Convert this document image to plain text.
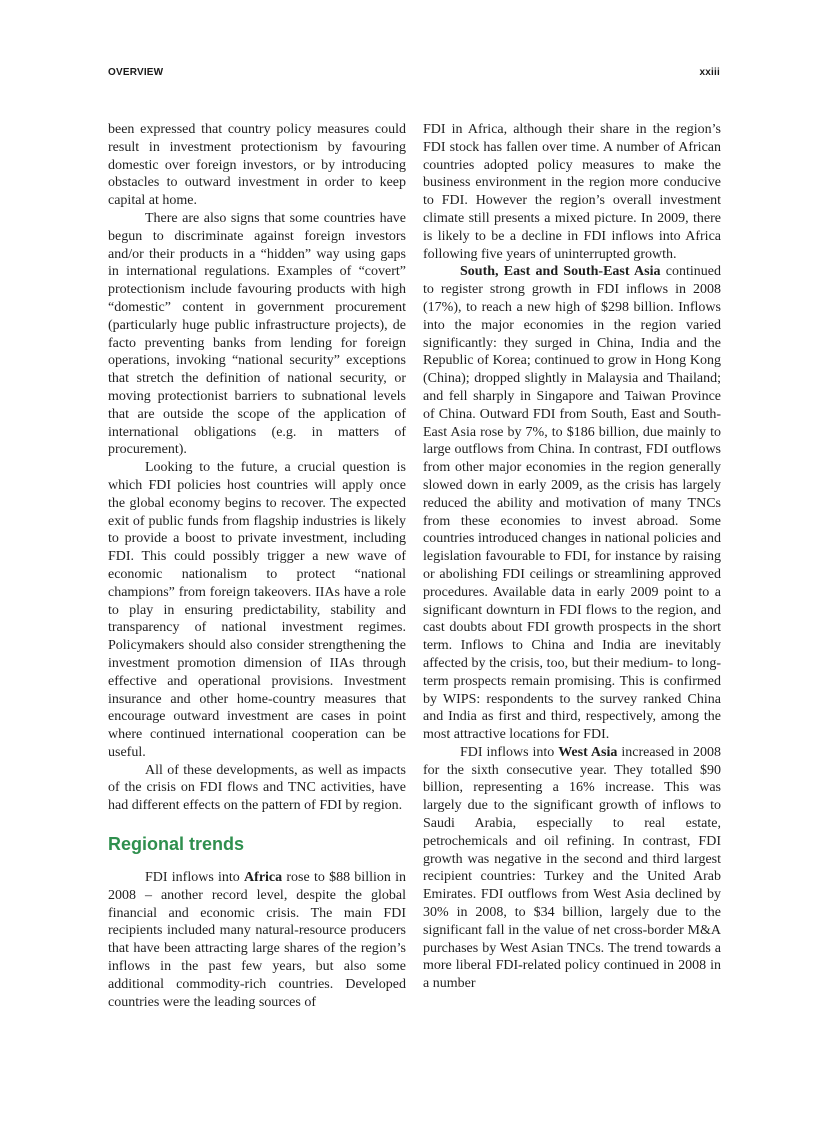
OVERVIEW	xxiii

been expressed that country policy measures could result in investment protectionism by favouring domestic over foreign investors, or by introducing obstacles to outward investment in order to keep capital at home.

There are also signs that some countries have begun to discriminate against foreign investors and/or their products in a “hidden” way using gaps in international regulations. Examples of “covert” protectionism include favouring products with high “domestic” content in government procurement (particularly huge public infrastructure projects), de facto preventing banks from lending for foreign operations, invoking “national security” exceptions that stretch the definition of national security, or moving protectionist barriers to subnational levels that are outside the scope of the application of international obligations (e.g. in matters of procurement).

Looking to the future, a crucial question is which FDI policies host countries will apply once the global economy begins to recover. The expected exit of public funds from flagship industries is likely to provide a boost to private investment, including FDI. This could possibly trigger a new wave of economic nationalism to protect “national champions” from foreign takeovers. IIAs have a role to play in ensuring predictability, stability and transparency of national investment regimes. Policymakers should also consider strengthening the investment promotion dimension of IIAs through effective and operational provisions. Investment insurance and other home-country measures that encourage outward investment are cases in point where continued international cooperation can be useful.

All of these developments, as well as impacts of the crisis on FDI flows and TNC activities, have had different effects on the pattern of FDI by region.

Regional trends

FDI inflows into Africa rose to $88 billion in 2008 – another record level, despite the global financial and economic crisis. The main FDI recipients included many natural-resource producers that have been attracting large shares of the region’s inflows in the past few years, but also some additional commodity-rich countries. Developed countries were the leading sources of

FDI in Africa, although their share in the region’s FDI stock has fallen over time. A number of African countries adopted policy measures to make the business environment in the region more conducive to FDI. However the region’s overall investment climate still presents a mixed picture. In 2009, there is likely to be a decline in FDI inflows into Africa following five years of uninterrupted growth.

South, East and South-East Asia continued to register strong growth in FDI inflows in 2008 (17%), to reach a new high of $298 billion. Inflows into the major economies in the region varied significantly: they surged in China, India and the Republic of Korea; continued to grow in Hong Kong (China); dropped slightly in Malaysia and Thailand; and fell sharply in Singapore and Taiwan Province of China. Outward FDI from South, East and South-East Asia rose by 7%, to $186 billion, due mainly to large outflows from China. In contrast, FDI outflows from other major economies in the region generally slowed down in early 2009, as the crisis has largely reduced the ability and motivation of many TNCs from these economies to invest abroad. Some countries introduced changes in national policies and legislation favourable to FDI, for instance by raising or abolishing FDI ceilings or streamlining approved procedures. Available data in early 2009 point to a significant downturn in FDI flows to the region, and cast doubts about FDI growth prospects in the short term. Inflows to China and India are inevitably affected by the crisis, too, but their medium- to long-term prospects remain promising. This is confirmed by WIPS: respondents to the survey ranked China and India as first and third, respectively, among the most attractive locations for FDI.

FDI inflows into West Asia increased in 2008 for the sixth consecutive year. They totalled $90 billion, representing a 16% increase. This was largely due to the significant growth of inflows to Saudi Arabia, especially to real estate, petrochemicals and oil refining. In contrast, FDI growth was negative in the second and third largest recipient countries: Turkey and the United Arab Emirates. FDI outflows from West Asia declined by 30% in 2008, to $34 billion, largely due to the significant fall in the value of net cross-border M&A purchases by West Asian TNCs. The trend towards a more liberal FDI-related policy continued in 2008 in a number
